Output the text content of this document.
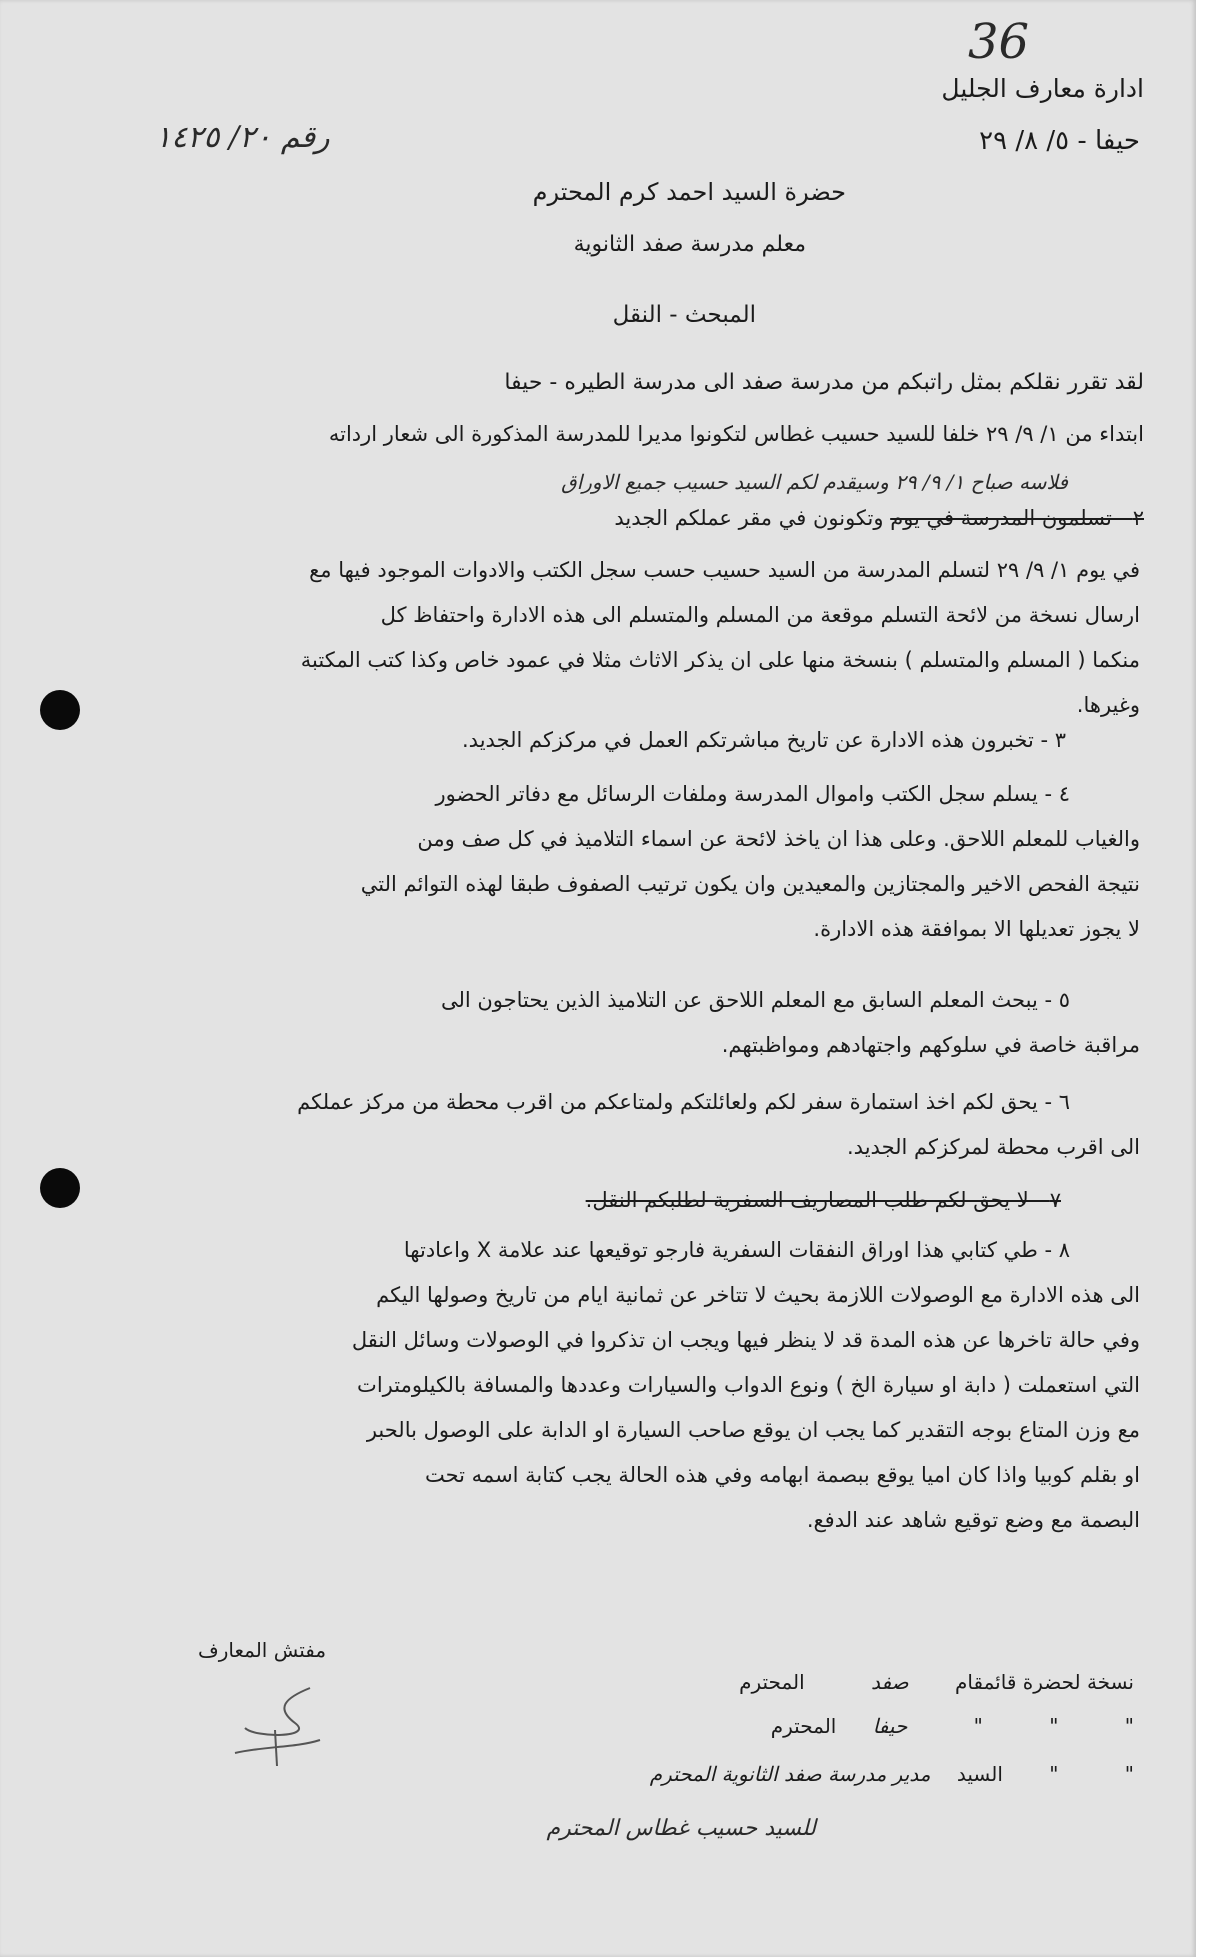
36
ادارة معارف الجليل
حيفا - ٥/ ٨/ ٢٩
رقم ٢٠/ ١٤٢٥
حضرة السيد احمد كرم المحترم
معلم مدرسة صفد الثانوية
المبحث - النقل
لقد تقرر نقلكم بمثل راتبكم من مدرسة صفد الى مدرسة الطيره - حيفا
ابتداء من ١/ ٩/ ٢٩ خلفا للسيد حسيب غطاس لتكونوا مديرا للمدرسة المذكورة الى شعار ارداته
فلاسه صباح ١/ ٩/ ٢٩ وسيقدم لكم السيد حسيب جميع الاوراق
٢ - تسلمون المدرسة في يوم وتكونون في مقر عملكم الجديد
في يوم ١/ ٩/ ٢٩ لتسلم المدرسة من السيد حسيب حسب سجل الكتب والادوات الموجود فيها مع
ارسال نسخة من لائحة التسلم موقعة من المسلم والمتسلم الى هذه الادارة واحتفاظ كل
منكما ( المسلم والمتسلم ) بنسخة منها على ان يذكر الاثاث مثلا في عمود خاص وكذا كتب المكتبة
وغيرها.
٣ - تخبرون هذه الادارة عن تاريخ مباشرتكم العمل في مركزكم الجديد.
٤ - يسلم سجل الكتب واموال المدرسة وملفات الرسائل مع دفاتر الحضور
والغياب للمعلم اللاحق. وعلى هذا ان ياخذ لائحة عن اسماء التلاميذ في كل صف ومن
نتيجة الفحص الاخير والمجتازين والمعيدين وان يكون ترتيب الصفوف طبقا لهذه التوائم التي
لا يجوز تعديلها الا بموافقة هذه الادارة.
٥ - يبحث المعلم السابق مع المعلم اللاحق عن التلاميذ الذين يحتاجون الى
مراقبة خاصة في سلوكهم واجتهادهم ومواظبتهم.
٦ - يحق لكم اخذ استمارة سفر لكم ولعائلتكم ولمتاعكم من اقرب محطة من مركز عملكم
الى اقرب محطة لمركزكم الجديد.
٧ - لا يحق لكم طلب المصاريف السفرية لطلبكم النقل.
٨ - طي كتابي هذا اوراق النفقات السفرية فارجو توقيعها عند علامة X واعادتها
الى هذه الادارة مع الوصولات اللازمة بحيث لا تتاخر عن ثمانية ايام من تاريخ وصولها اليكم
وفي حالة تاخرها عن هذه المدة قد لا ينظر فيها ويجب ان تذكروا في الوصولات وسائل النقل
التي استعملت ( دابة او سيارة الخ ) ونوع الدواب والسيارات وعددها والمسافة بالكيلومترات
مع وزن المتاع بوجه التقدير كما يجب ان يوقع صاحب السيارة او الدابة على الوصول بالحبر
او بقلم كوبيا واذا كان اميا يوقع ببصمة ابهامه وفي هذه الحالة يجب كتابة اسمه تحت
البصمة مع وضع توقيع شاهد عند الدفع.
مفتش المعارف
نسخة لحضرة قائمقام صفد المحترم
" " " حيفا المحترم
" " السيد مدير مدرسة صفد الثانوية المحترم
للسيد حسيب غطاس المحترم
